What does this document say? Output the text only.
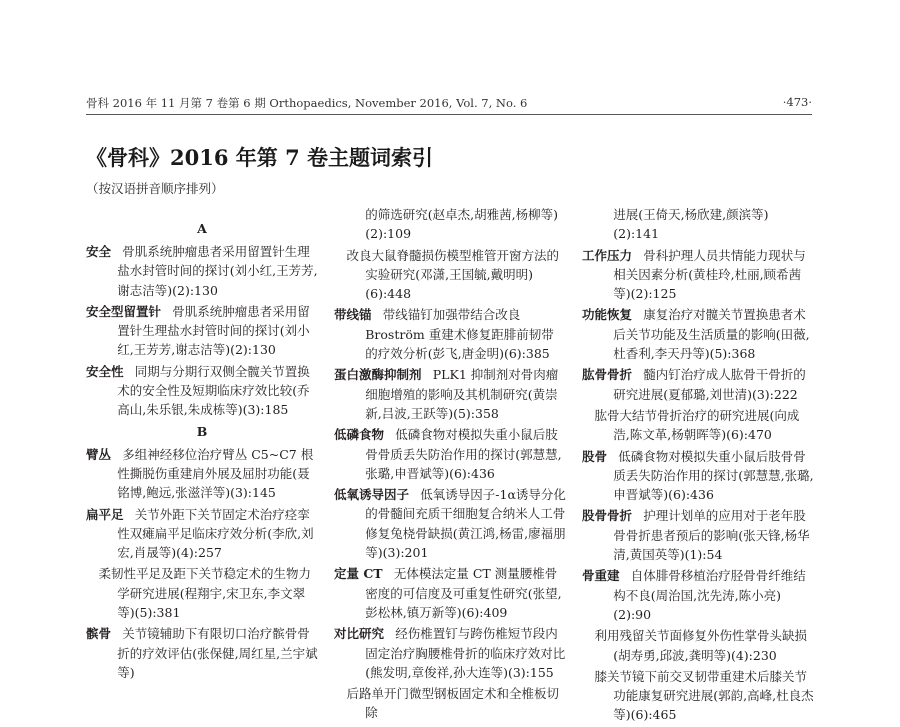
骨科 2016 年 11 月第 7 卷第 6 期 Orthopaedics, November 2016, Vol. 7, No. 6	·473·
《骨科》2016 年第 7 卷主题词索引
（按汉语拼音顺序排列）
A
安全 骨肌系统肿瘤患者采用留置针生理盐水封管时间的探讨(刘小红,王芳芳,谢志洁等)(2):130
安全型留置针 骨肌系统肿瘤患者采用留置针生理盐水封管时间的探讨(刘小红,王芳芳,谢志洁等)(2):130
安全性 同期与分期行双侧全髋关节置换术的安全性及短期临床疗效比较(乔高山,朱乐银,朱成栋等)(3):185
B
臂丛 多组神经移位治疗臂丛 C5~C7 根性撕脱伤重建肩外展及屈肘功能(聂铭博,鲍远,张滋洋等)(3):145
扁平足 关节外距下关节固定术治疗痉挛性双瘫扁平足临床疗效分析(李欣,刘宏,肖晟等)(4):257
柔韧性平足及距下关节稳定术的生物力学研究进展(程翔宇,宋卫东,李文翠等)(5):381
髌骨 关节镜辅助下有限切口治疗髌骨骨折的疗效评估(张保健,周红星,兰宇斌等)
的筛选研究(赵卓杰,胡雅茜,杨柳等)(2):109
改良大鼠脊髓损伤模型椎管开窗方法的实验研究(邓潇,王国毓,戴明明)(6):448
带线锚 带线锚钉加强带结合改良 Broström 重建术修复距腓前韧带的疗效分析(彭飞,唐金明)(6):385
蛋白激酶抑制剂 PLK1 抑制剂对骨肉瘤细胞增殖的影响及其机制研究(黄崇新,吕波,王跃等)(5):358
低磷食物 低磷食物对模拟失重小鼠后肢骨骨质丢失防治作用的探讨(郭慧慧,张璐,申晋斌等)(6):436
低氧诱导因子 低氧诱导因子-1α诱导分化的骨髓间充质干细胞复合纳米人工骨修复兔桡骨缺损(黄江鸿,杨雷,廖福朋等)(3):201
定量 CT 无体模法定量 CT 测量腰椎骨密度的可信度及可重复性研究(张望,彭松林,镇万新等)(6):409
对比研究 经伤椎置钉与跨伤椎短节段内固定治疗胸腰椎骨折的临床疗效对比(熊发明,章俊祥,孙大连等)(3):155
后路单开门微型钢板固定术和全椎板切除
进展(王倚天,杨欣建,颜滨等)(2):141
工作压力 骨科护理人员共情能力现状与相关因素分析(黄桂玲,杜丽,顾希茜等)(2):125
功能恢复 康复治疗对髋关节置换患者术后关节功能及生活质量的影响(田薇,杜香利,李天丹等)(5):368
肱骨骨折 髓内钉治疗成人肱骨干骨折的研究进展(夏郁璐,刘世清)(3):222
肱骨大结节骨折治疗的研究进展(向成浩,陈文革,杨朝晖等)(6):470
股骨 低磷食物对模拟失重小鼠后肢骨骨质丢失防治作用的探讨(郭慧慧,张璐,申晋斌等)(6):436
股骨骨折 护理计划单的应用对于老年股骨骨折患者预后的影响(张天锋,杨华清,黄国英等)(1):54
骨重建 自体腓骨移植治疗胫骨骨纤维结构不良(周治国,沈先涛,陈小亮)(2):90
利用残留关节面修复外伤性掌骨头缺损(胡寿勇,邱波,龚明等)(4):230
膝关节镜下前交叉韧带重建术后膝关节功能康复研究进展(郭韵,高峰,杜良杰等)(6):465
